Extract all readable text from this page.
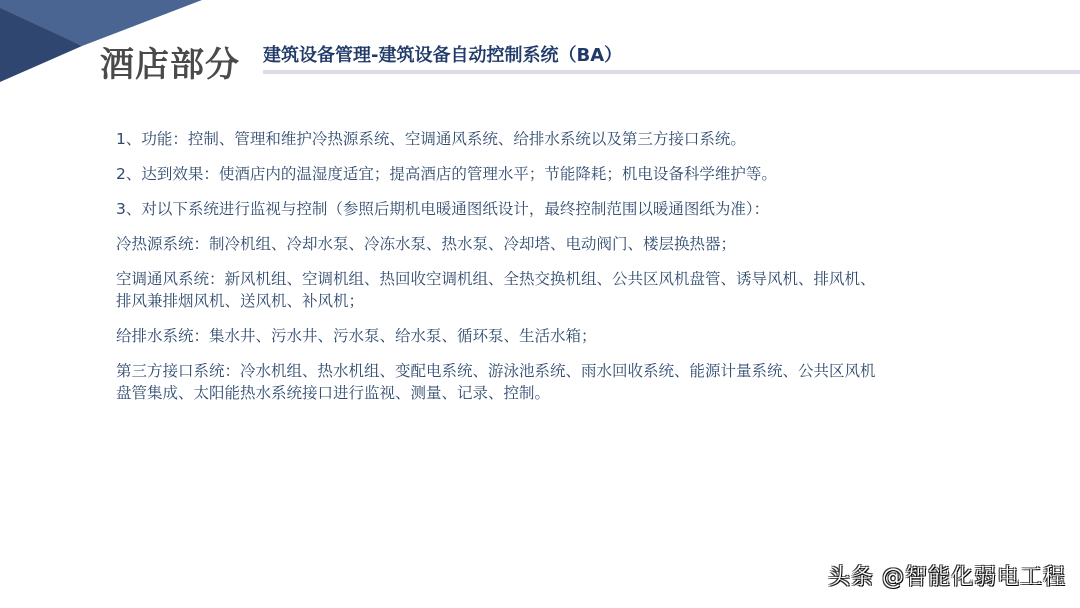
酒店部分 建筑设备管理-建筑设备自动控制系统（BA）
1、功能：控制、管理和维护冷热源系统、空调通风系统、给排水系统以及第三方接口系统。
2、达到效果：使酒店内的温湿度适宜；提高酒店的管理水平；节能降耗；机电设备科学维护等。
3、对以下系统进行监视与控制（参照后期机电暖通图纸设计，最终控制范围以暖通图纸为准）：
冷热源系统：制冷机组、冷却水泵、冷冻水泵、热水泵、冷却塔、电动阀门、楼层换热器；
空调通风系统：新风机组、空调机组、热回收空调机组、全热交换机组、公共区风机盘管、诱导风机、排风机、
排风兼排烟风机、送风机、补风机；
给排水系统：集水井、污水井、污水泵、给水泵、循环泵、生活水箱；
第三方接口系统：冷水机组、热水机组、变配电系统、游泳池系统、雨水回收系统、能源计量系统、公共区风机
盘管集成、太阳能热水系统接口进行监视、测量、记录、控制。
头条 @智能化弱电工程
